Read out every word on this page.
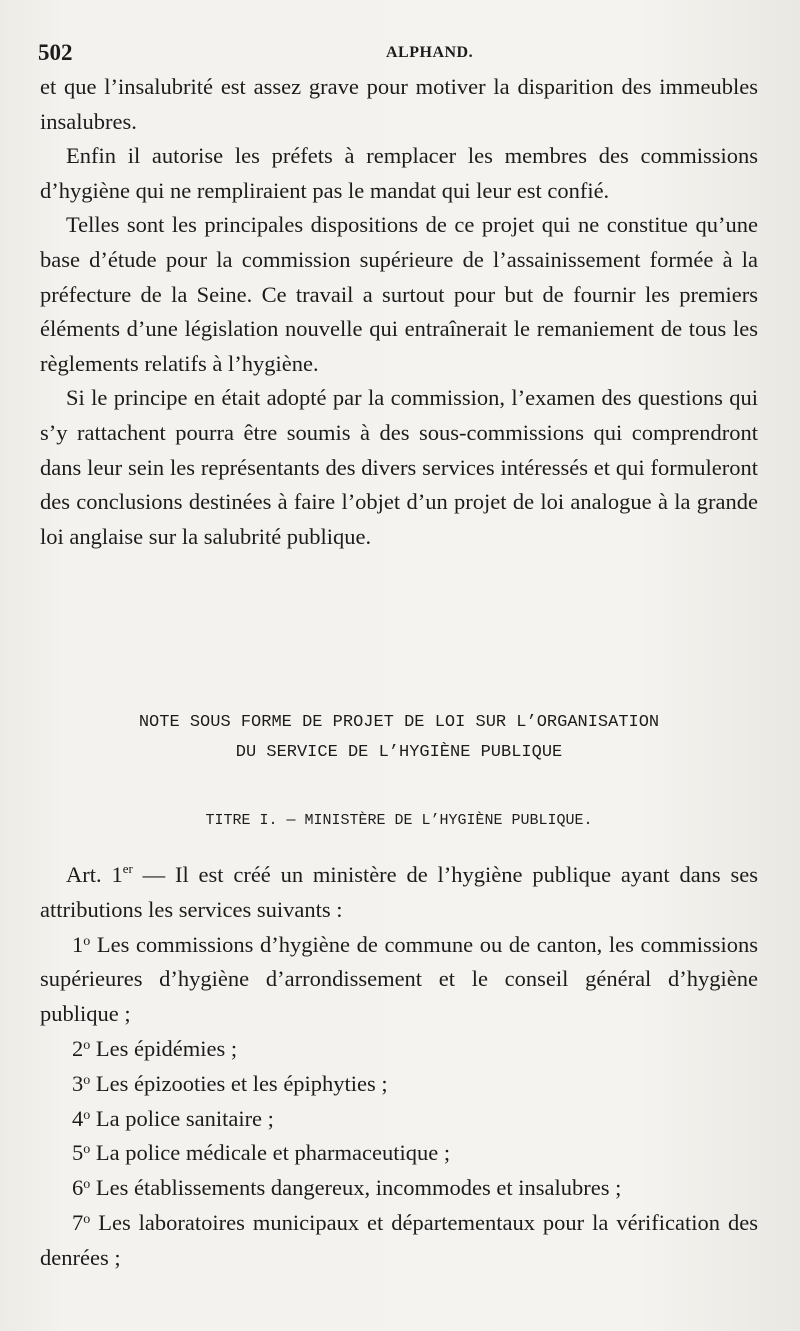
502	ALPHAND.

et que l’insalubrité est assez grave pour motiver la disparition des immeubles insalubres.

Enfin il autorise les préfets à remplacer les membres des commissions d’hygiène qui ne rempliraient pas le mandat qui leur est confié.

Telles sont les principales dispositions de ce projet qui ne constitue qu’une base d’étude pour la commission supérieure de l’assainissement formée à la préfecture de la Seine. Ce travail a surtout pour but de fournir les premiers éléments d’une législation nouvelle qui entraînerait le remaniement de tous les règlements relatifs à l’hygiène.

Si le principe en était adopté par la commission, l’examen des questions qui s’y rattachent pourra être soumis à des sous-commissions qui comprendront dans leur sein les représentants des divers services intéressés et qui formuleront des conclusions destinées à faire l’objet d’un projet de loi analogue à la grande loi anglaise sur la salubrité publique.

NOTE SOUS FORME DE PROJET DE LOI SUR L’ORGANISATION
DU SERVICE DE L’HYGIÈNE PUBLIQUE
TITRE I. — MINISTÈRE DE L’HYGIÈNE PUBLIQUE.

Art. 1er — Il est créé un ministère de l’hygiène publique ayant dans ses attributions les services suivants :

1$^o$ Les commissions d’hygiène de commune ou de canton, les commissions supérieures d’hygiène d’arrondissement et le conseil général d’hygiène publique ;

2$^o$ Les épidémies ;

3$^o$ Les épizooties et les épiphyties ;

4$^o$ La police sanitaire ;

5$^o$ La police médicale et pharmaceutique ;

6$^o$ Les établissements dangereux, incommodes et insalubres ;

7$^o$ Les laboratoires municipaux et départementaux pour la vérification des denrées ;
